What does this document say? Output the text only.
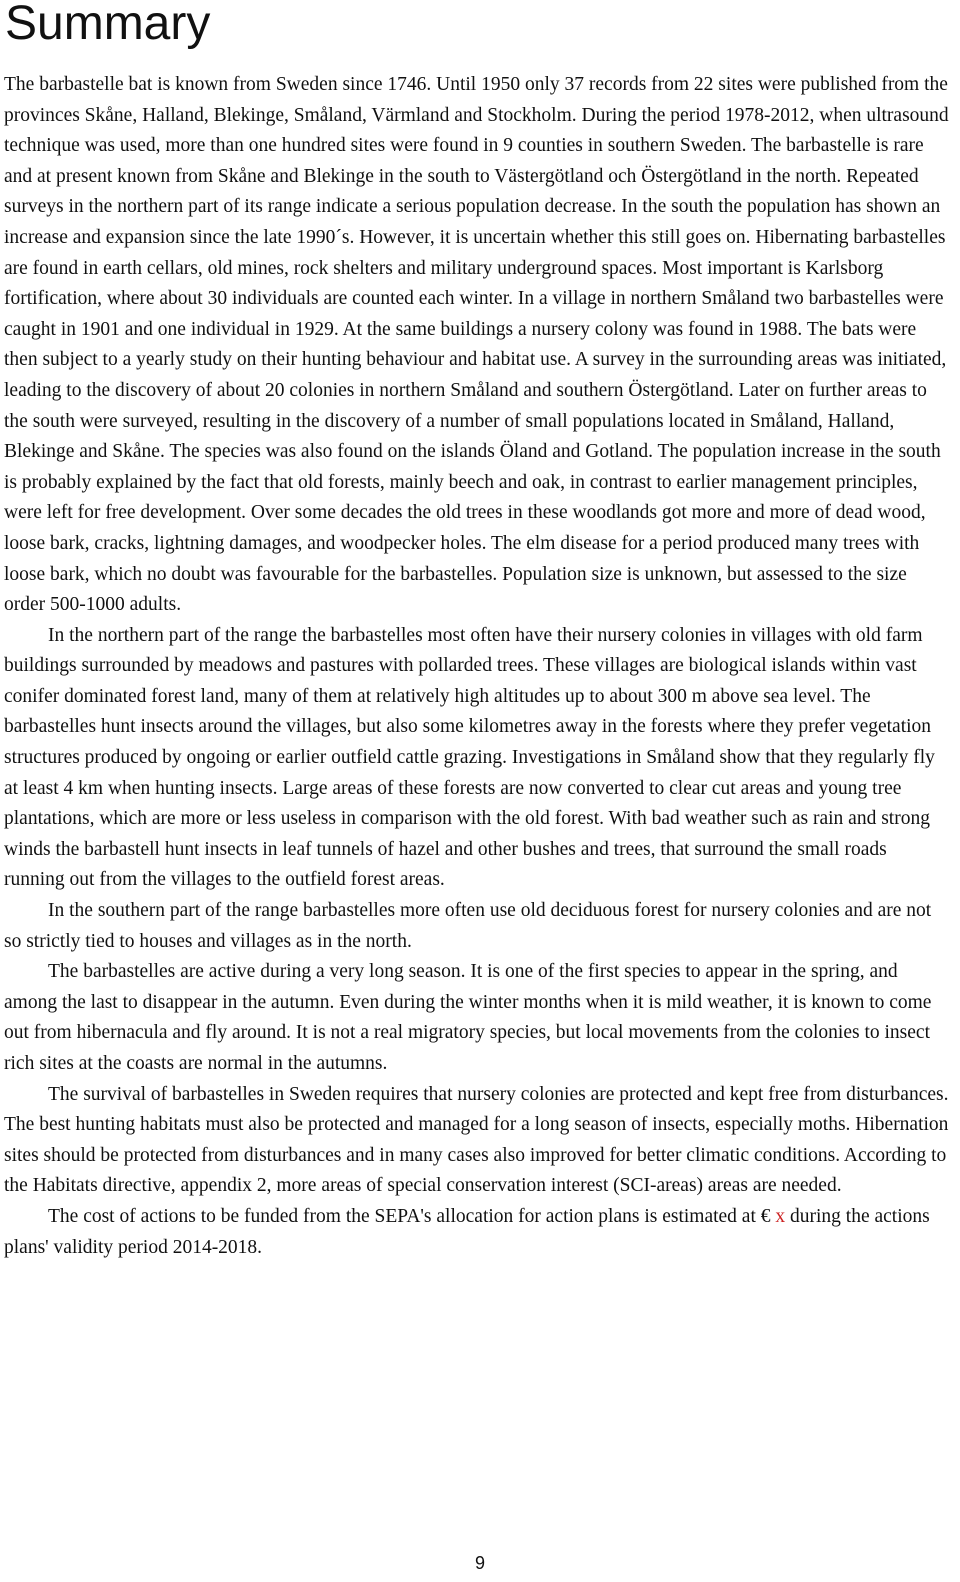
Summary

The barbastelle bat is known from Sweden since 1746. Until 1950 only 37 records from 22 sites were published from the provinces Skåne, Halland, Blekinge, Småland, Värmland and Stockholm. During the period 1978-2012, when ultrasound technique was used, more than one hundred sites were found in 9 counties in southern Sweden. The barbastelle is rare and at present known from Skåne and Blekinge in the south to Västergötland och Östergötland in the north. Repeated surveys in the northern part of its range indicate a serious population decrease. In the south the population has shown an increase and expansion since the late 1990´s. However, it is uncertain whether this still goes on. Hibernating barbastelles are found in earth cellars, old mines, rock shelters and military underground spaces. Most important is Karlsborg fortification, where about 30 individuals are counted each winter. In a village in northern Småland two barbastelles were caught in 1901 and one individual in 1929. At the same buildings a nursery colony was found in 1988. The bats were then subject to a yearly study on their hunting behaviour and habitat use. A survey in the surrounding areas was initiated, leading to the discovery of about 20 colonies in northern Småland and southern Östergötland. Later on further areas to the south were surveyed, resulting in the discovery of a number of small populations located in Småland, Halland, Blekinge and Skåne. The species was also found on the islands Öland and Gotland. The population increase in the south is probably explained by the fact that old forests, mainly beech and oak, in contrast to earlier management principles, were left for free development. Over some decades the old trees in these woodlands got more and more of dead wood, loose bark, cracks, lightning damages, and woodpecker holes. The elm disease for a period produced many trees with loose bark, which no doubt was favourable for the barbastelles. Population size is unknown, but assessed to the size order 500-1000 adults.

In the northern part of the range the barbastelles most often have their nursery colonies in villages with old farm buildings surrounded by meadows and pastures with pollarded trees. These villages are biological islands within vast conifer dominated forest land, many of them at relatively high altitudes up to about 300 m above sea level. The barbastelles hunt insects around the villages, but also some kilometres away in the forests where they prefer vegetation structures produced by ongoing or earlier outfield cattle grazing. Investigations in Småland show that they regularly fly at least 4 km when hunting insects. Large areas of these forests are now converted to clear cut areas and young tree plantations, which are more or less useless in comparison with the old forest. With bad weather such as rain and strong winds the barbastell hunt insects in leaf tunnels of hazel and other bushes and trees, that surround the small roads running out from the villages to the outfield forest areas.

In the southern part of the range barbastelles more often use old deciduous forest for nursery colonies and are not so strictly tied to houses and villages as in the north.

The barbastelles are active during a very long season. It is one of the first species to appear in the spring, and among the last to disappear in the autumn. Even during the winter months when it is mild weather, it is known to come out from hibernacula and fly around. It is not a real migratory species, but local movements from the colonies to insect rich sites at the coasts are normal in the autumns.

The survival of barbastelles in Sweden requires that nursery colonies are protected and kept free from disturbances. The best hunting habitats must also be protected and managed for a long season of insects, especially moths. Hibernation sites should be protected from disturbances and in many cases also improved for better climatic conditions. According to the Habitats directive, appendix 2, more areas of special conservation interest (SCI-areas) areas are needed.

The cost of actions to be funded from the SEPA's allocation for action plans is estimated at € x during the actions plans' validity period 2014-2018.

9
